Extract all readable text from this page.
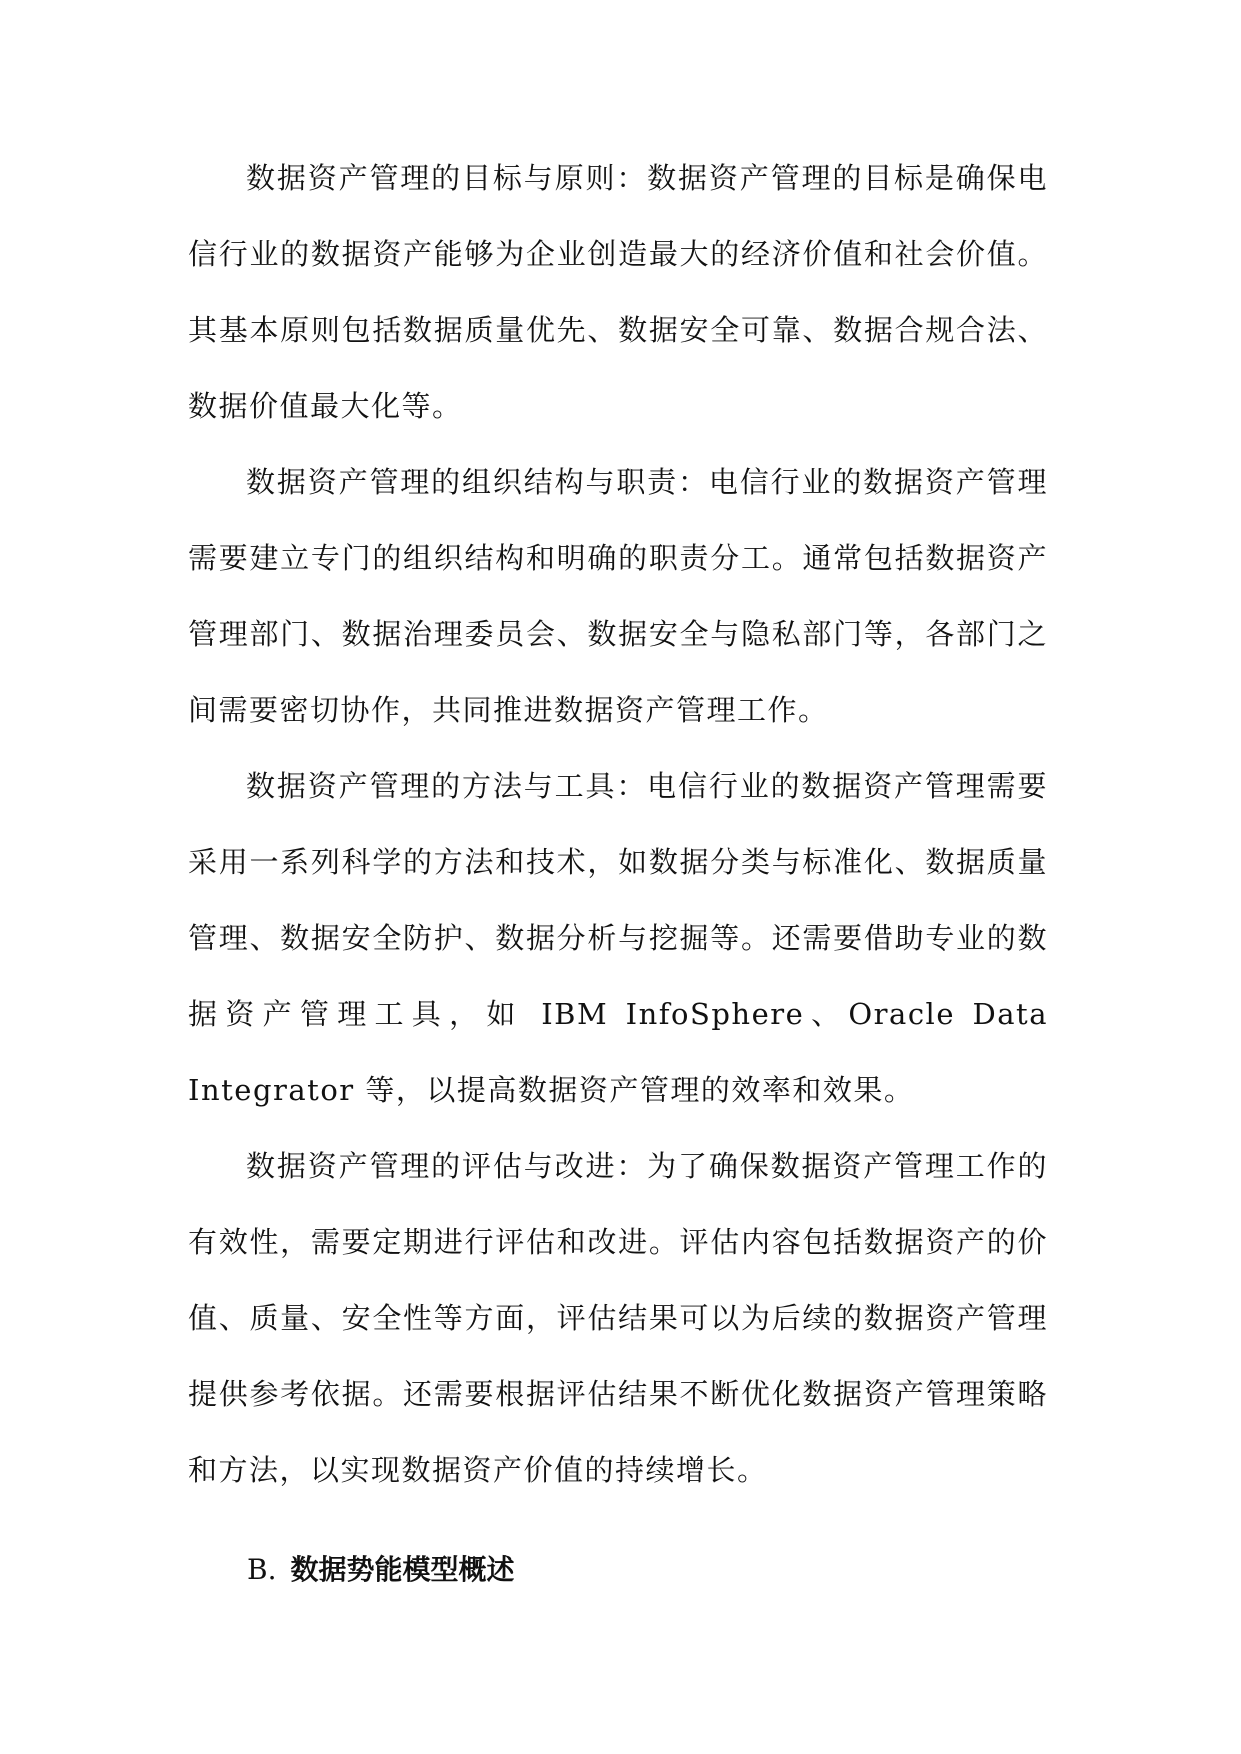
数据资产管理的目标与原则：数据资产管理的目标是确保电信行业的数据资产能够为企业创造最大的经济价值和社会价值。其基本原则包括数据质量优先、数据安全可靠、数据合规合法、数据价值最大化等。

数据资产管理的组织结构与职责：电信行业的数据资产管理需要建立专门的组织结构和明确的职责分工。通常包括数据资产管理部门、数据治理委员会、数据安全与隐私部门等，各部门之间需要密切协作，共同推进数据资产管理工作。

数据资产管理的方法与工具：电信行业的数据资产管理需要采用一系列科学的方法和技术，如数据分类与标准化、数据质量管理、数据安全防护、数据分析与挖掘等。还需要借助专业的数据资产管理工具，如 IBM InfoSphere、Oracle Data Integrator 等，以提高数据资产管理的效率和效果。

数据资产管理的评估与改进：为了确保数据资产管理工作的有效性，需要定期进行评估和改进。评估内容包括数据资产的价值、质量、安全性等方面，评估结果可以为后续的数据资产管理提供参考依据。还需要根据评估结果不断优化数据资产管理策略和方法，以实现数据资产价值的持续增长。

B. 数据势能模型概述
